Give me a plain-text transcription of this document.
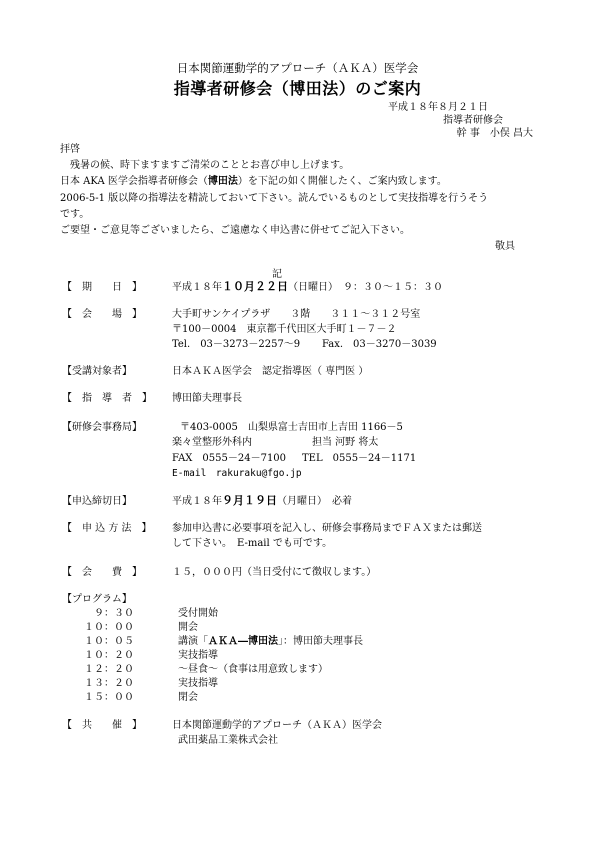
日本関節運動学的アプローチ（ＡＫＡ）医学会
指導者研修会（博田法）のご案内
平成１８年８月２１日
指導者研修会
幹 事　小俣 昌大
拝啓
残暑の候、時下ますますご清栄のこととお喜び申し上げます。
日本 AKA 医学会指導者研修会（博田法）を下記の如く開催したく、ご案内致します。
2006-5-1 版以降の指導法を精読しておいて下さい。読んでいるものとして実技指導を行うそう
です。
ご要望・ご意見等ございましたら、ご遠慮なく申込書に併せてご記入下さい。
敬具
記
【　期　　日　】	平成１８年１０月２２日（日曜日）　９：３０～１５：３０
【　会　　場　】	大手町サンケイプラザ　　３階　　３１１～３１２号室
〒100－0004　東京都千代田区大手町１－７－２
Tel.　03－3273－2257～9 Fax.　03－3270－3039
【受講対象者】	日本ＡＫＡ医学会　認定指導医（ 専門医 ）
【　指　導　者　】 博田節夫理事長
【研修会事務局】	〒403-0005　山梨県富士吉田市上吉田 1166－5
楽々堂整形外科内	担当 河野 将太
FAX　0555－24－7100 TEL　0555－24－1171
E-mail　rakuraku@fgo.jp
【申込締切日】	平成１８年９月１９日（月曜日）　必着
【　申 込 方 法　】 参加申込書に必要事項を記入し、研修会事務局までＦＡＸまたは郵送
して下さい。　E-mail でも可です。
【　会　　費　】	１５，０００円（当日受付にて徴収します。）
【プログラム】
９：３０	受付開始
１０：００	開会
１０：０５	講演「ＡＫＡ―博田法」：博田節夫理事長
１０：２０	実技指導
１２：２０	～昼食～（食事は用意致します）
１３：２０	実技指導
１５：００	閉会
【　共　　催　】	日本関節運動学的アプローチ（ＡＫＡ）医学会
武田薬品工業株式会社
